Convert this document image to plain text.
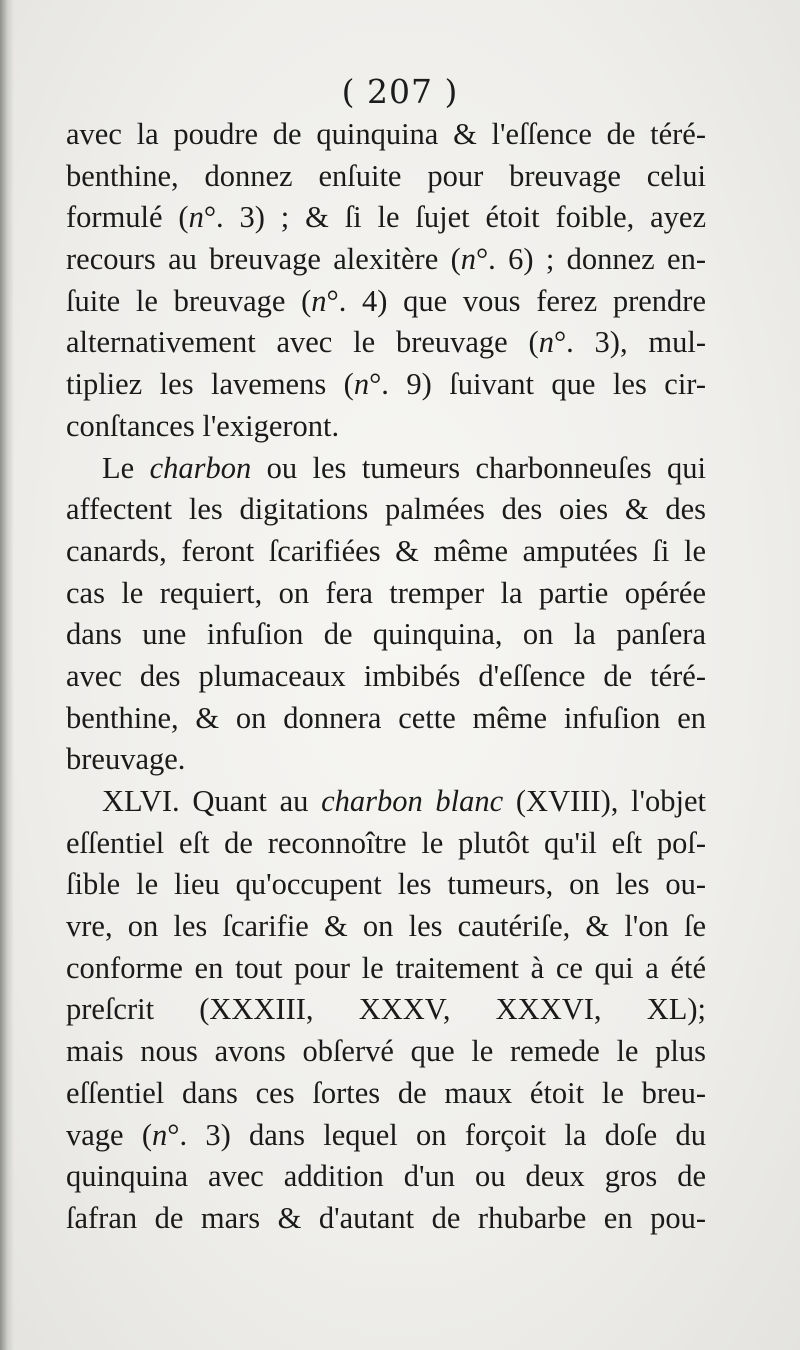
( 207 )
avec la poudre de quinquina & l'eſſence de téré-
benthine, donnez enſuite pour breuvage celui
formulé (n°. 3) ; & ſi le ſujet étoit foible, ayez
recours au breuvage alexitère (n°. 6) ; donnez en-
ſuite le breuvage (n°. 4) que vous ferez prendre
alternativement avec le breuvage (n°. 3), mul-
tipliez les lavemens (n°. 9) ſuivant que les cir-
conſtances l'exigeront.
Le charbon ou les tumeurs charbonneuſes qui
affectent les digitations palmées des oies & des
canards, feront ſcarifiées & même amputées ſi le
cas le requiert, on fera tremper la partie opérée
dans une infuſion de quinquina, on la panſera
avec des plumaceaux imbibés d'eſſence de téré-
benthine, & on donnera cette même infuſion en
breuvage.
XLVI. Quant au charbon blanc (XVIII), l'objet
eſſentiel eſt de reconnoître le plutôt qu'il eſt poſ-
ſible le lieu qu'occupent les tumeurs, on les ou-
vre, on les ſcarifie & on les cautériſe, & l'on ſe
conforme en tout pour le traitement à ce qui a été
preſcrit (XXXIII, XXXV, XXXVI, XL);
mais nous avons obſervé que le remede le plus
eſſentiel dans ces ſortes de maux étoit le breu-
vage (n°. 3) dans lequel on forçoit la doſe du
quinquina avec addition d'un ou deux gros de
ſafran de mars & d'autant de rhubarbe en pou-
